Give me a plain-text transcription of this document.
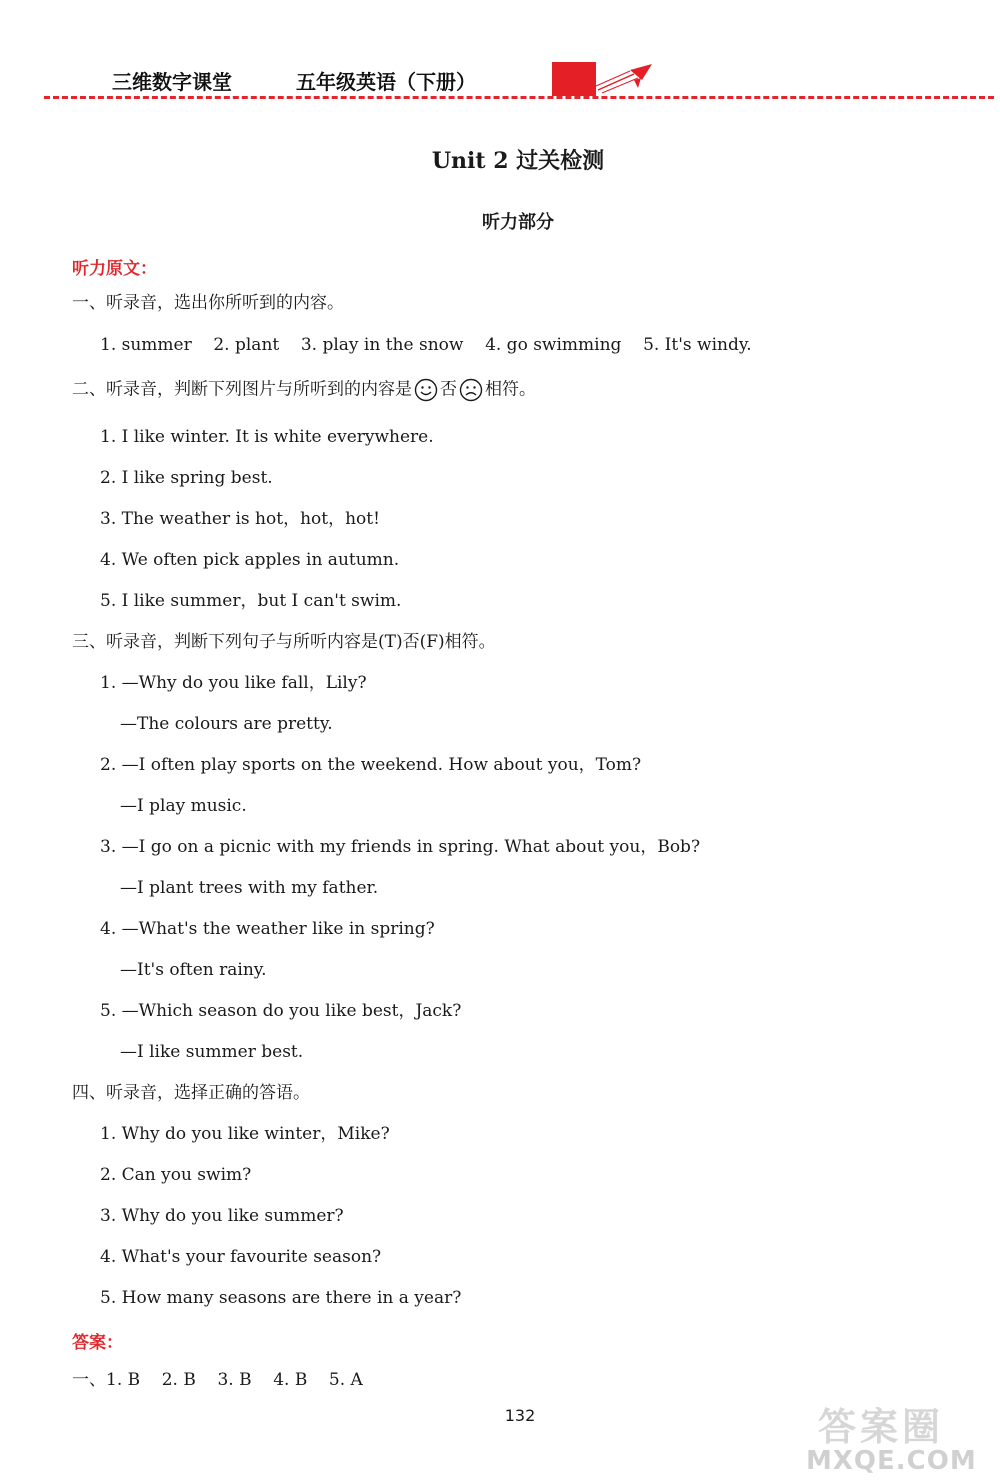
三维数字课堂	五年级英语（下册）
Unit 2 过关检测
听力部分
听力原文：
一、听录音，选出你所听到的内容。
1. summer 2. plant 3. play in the snow 4. go swimming 5. It's windy.
二、听录音，判断下列图片与所听到的内容是 否 相符。
1. I like winter. It is white everywhere.
2. I like spring best.
3. The weather is hot，hot，hot!
4. We often pick apples in autumn.
5. I like summer，but I can't swim.
三、听录音，判断下列句子与所听内容是(T)否(F)相符。
1. —Why do you like fall，Lily?
—The colours are pretty.
2. —I often play sports on the weekend. How about you，Tom?
—I play music.
3. —I go on a picnic with my friends in spring. What about you，Bob?
—I plant trees with my father.
4. —What's the weather like in spring?
—It's often rainy.
5. —Which season do you like best，Jack?
—I like summer best.
四、听录音，选择正确的答语。
1. Why do you like winter，Mike?
2. Can you swim?
3. Why do you like summer?
4. What's your favourite season?
5. How many seasons are there in a year?
答案：
一、1. B    2. B    3. B    4. B    5. A
132	答案圈
MXQE.COM
